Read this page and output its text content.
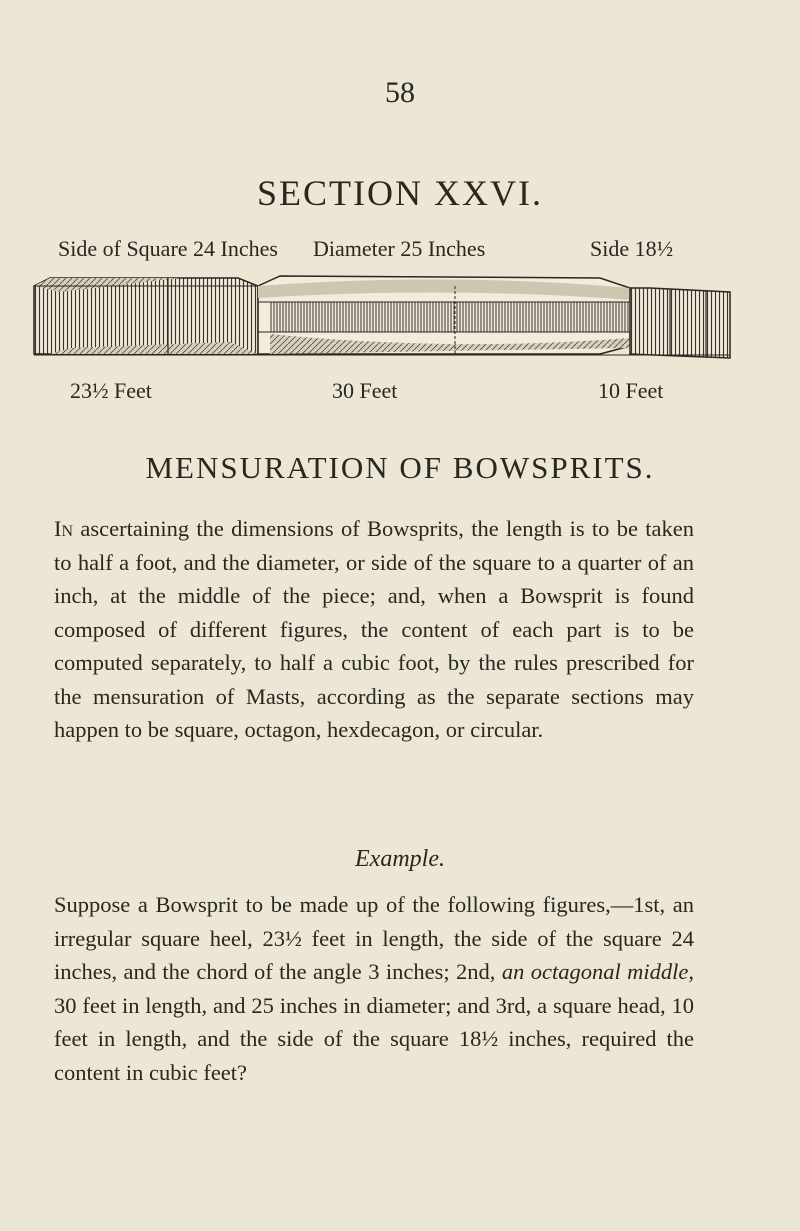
58
SECTION XXVI.
Side of Square 24 Inches Diameter 25 Inches	Side 18½
23½ Feet	30 Feet	10 Feet
MENSURATION OF BOWSPRITS.

In ascertaining the dimensions of Bowsprits, the length is to be taken to half a foot, and the diameter, or side of the square to a quarter of an inch, at the middle of the piece; and, when a Bowsprit is found composed of different figures, the content of each part is to be computed separately, to half a cubic foot, by the rules prescribed for the mensuration of Masts, according as the separate sections may happen to be square, octagon, hexdecagon, or circular.

Example.

Suppose a Bowsprit to be made up of the following figures,—1st, an irregular square heel, 23½ feet in length, the side of the square 24 inches, and the chord of the angle 3 inches; 2nd, an octagonal middle, 30 feet in length, and 25 inches in diameter; and 3rd, a square head, 10 feet in length, and the side of the square 18½ inches, required the content in cubic feet?
